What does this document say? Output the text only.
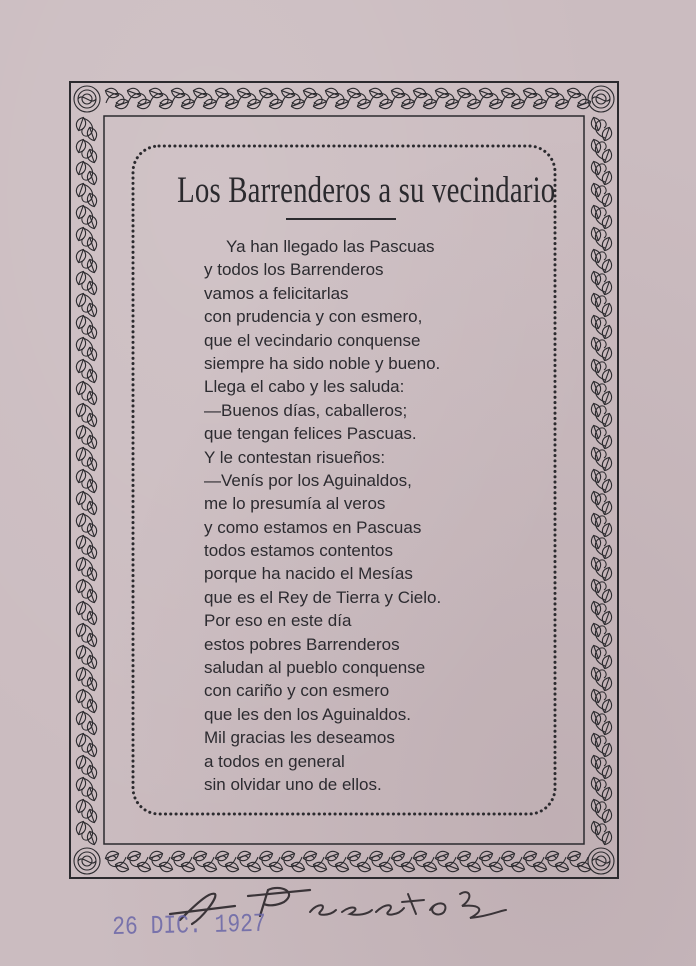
Los Barrenderos a su vecindario
Ya han llegado las Pascuas
y todos los Barrenderos
vamos a felicitarlas
con prudencia y con esmero,
que el vecindario conquense
siempre ha sido noble y bueno.
Llega el cabo y les saluda:
—Buenos días, caballeros;
que tengan felices Pascuas.
Y le contestan risueños:
—Venís por los Aguinaldos,
me lo presumía al veros
y como estamos en Pascuas
todos estamos contentos
porque ha nacido el Mesías
que es el Rey de Tierra y Cielo.
Por eso en este día
estos pobres Barrenderos
saludan al pueblo conquense
con cariño y con esmero
que les den los Aguinaldos.
Mil gracias les deseamos
a todos en general
sin olvidar uno de ellos.
26 DIC. 1927
